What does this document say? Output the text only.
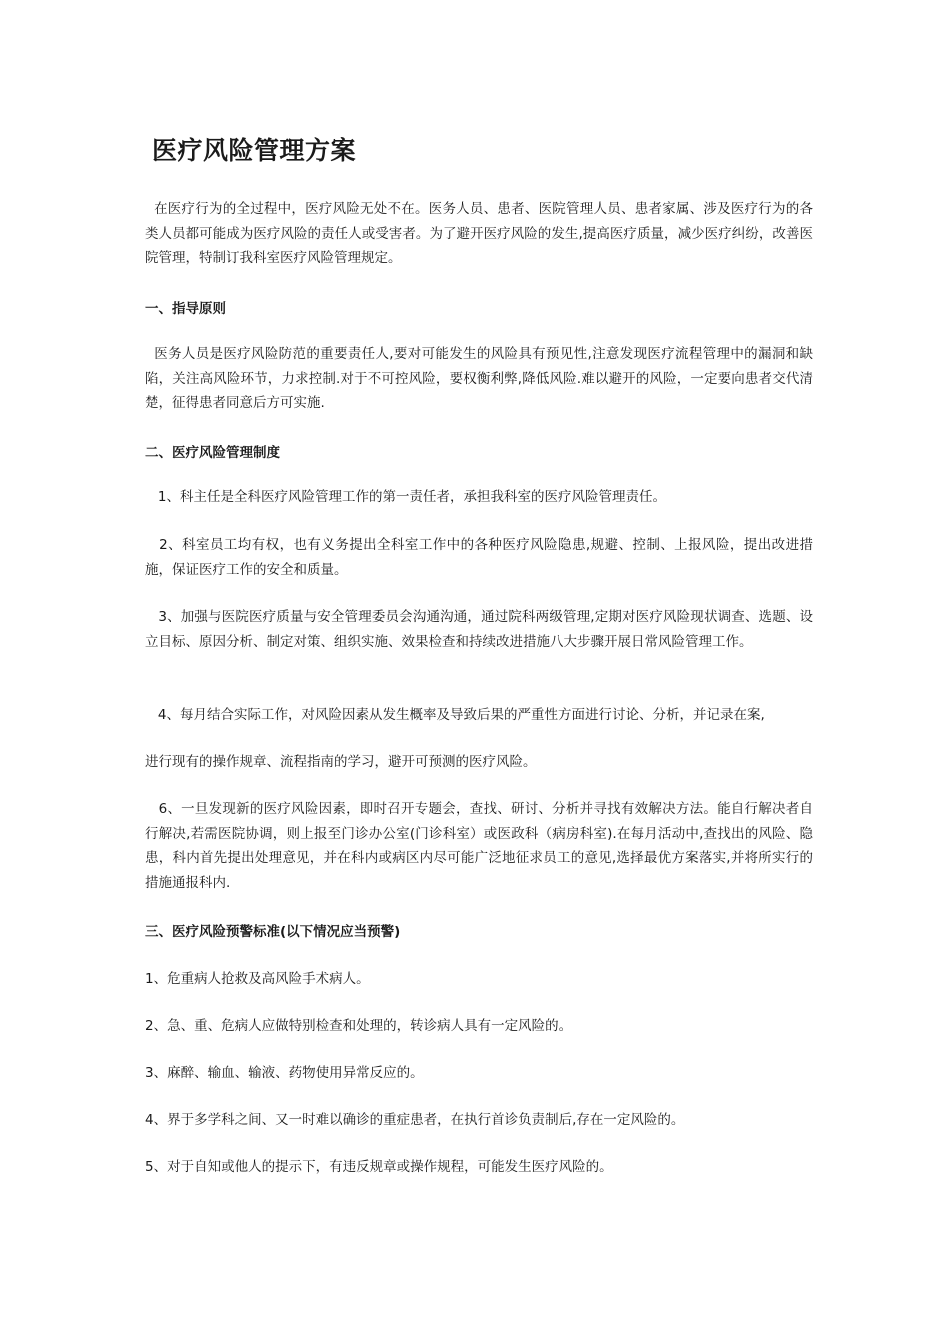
医疗风险管理方案
在医疗行为的全过程中，医疗风险无处不在。医务人员、患者、医院管理人员、患者家属、涉及医疗行为的各类人员都可能成为医疗风险的责任人或受害者。为了避开医疗风险的发生,提高医疗质量，减少医疗纠纷，改善医院管理，特制订我科室医疗风险管理规定。
一、指导原则
医务人员是医疗风险防范的重要责任人,要对可能发生的风险具有预见性,注意发现医疗流程管理中的漏洞和缺陷，关注高风险环节，力求控制.对于不可控风险，要权衡利弊,降低风险.难以避开的风险，一定要向患者交代清楚，征得患者同意后方可实施.
二、医疗风险管理制度
1、科主任是全科医疗风险管理工作的第一责任者，承担我科室的医疗风险管理责任。
2、科室员工均有权，也有义务提出全科室工作中的各种医疗风险隐患,规避、控制、上报风险，提出改进措施，保证医疗工作的安全和质量。
3、加强与医院医疗质量与安全管理委员会沟通沟通，通过院科两级管理,定期对医疗风险现状调查、选题、设立目标、原因分析、制定对策、组织实施、效果检查和持续改进措施八大步骤开展日常风险管理工作。
4、每月结合实际工作，对风险因素从发生概率及导致后果的严重性方面进行讨论、分析，并记录在案,
进行现有的操作规章、流程指南的学习，避开可预测的医疗风险。
6、一旦发现新的医疗风险因素，即时召开专题会，查找、研讨、分析并寻找有效解决方法。能自行解决者自行解决,若需医院协调，则上报至门诊办公室(门诊科室）或医政科（病房科室).在每月活动中,查找出的风险、隐患，科内首先提出处理意见，并在科内或病区内尽可能广泛地征求员工的意见,选择最优方案落实,并将所实行的措施通报科内.
三、医疗风险预警标准(以下情况应当预警)
1、危重病人抢救及高风险手术病人。
2、急、重、危病人应做特别检查和处理的，转诊病人具有一定风险的。
3、麻醉、输血、输液、药物使用异常反应的。
4、界于多学科之间、又一时难以确诊的重症患者，在执行首诊负责制后,存在一定风险的。
5、对于自知或他人的提示下，有违反规章或操作规程，可能发生医疗风险的。
